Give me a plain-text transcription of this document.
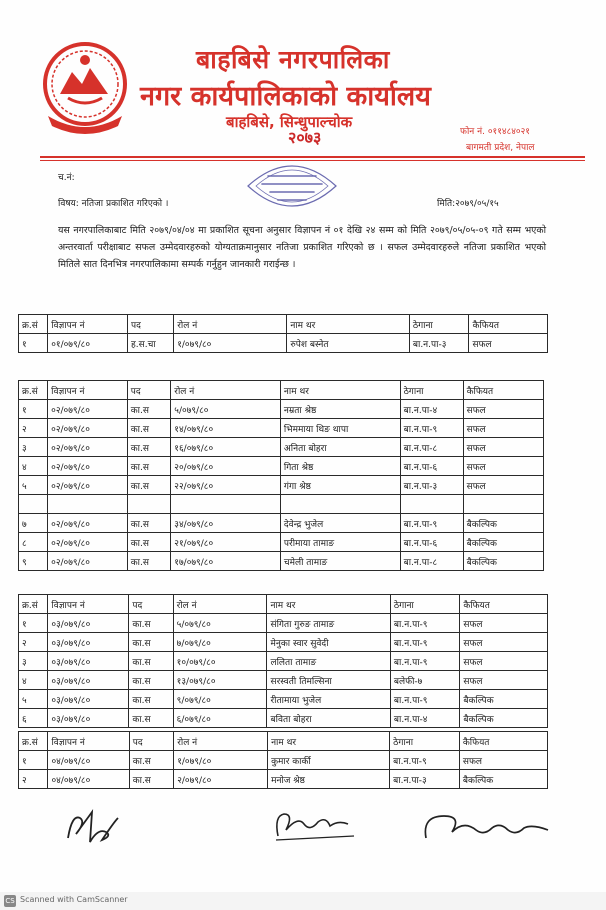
बाहबिसे नगरपालिका
नगर कार्यपालिकाको कार्यालय
बाहबिसे, सिन्धुपाल्चोक
२०७३	फोन नं. ०११४८४०२१
बागमती प्रदेश, नेपाल
च.नं:
विषय: नतिजा प्रकाशित गरिएको ।	मिति:२०७९/०५/१५
यस नगरपालिकाबाट मिति २०७९/०४/०४ मा प्रकाशित सूचना अनुसार विज्ञापन नं ०१ देखि २४ सम्म को मिति २०७९/०५/०५-०९ गते सम्म भएको अन्तरवार्ता परीक्षाबाट सफल उम्मेदवारहरुको योग्यताक्रमानुसार नतिजा प्रकाशित गरिएको छ । सफल उम्मेदवारहरुले नतिजा प्रकाशित भएको मितिले सात दिनभित्र नगरपालिकामा सम्पर्क गर्नुहुन जानकारी गराईन्छ ।
क्र.सं	विज्ञापन नं	पद	रोल नं	नाम थर	ठेगाना	कैफियत
१	०१/०७९/८०	ह.स.चा	१/०७९/८०	रुपेश बस्नेत	बा.न.पा-३	सफल
क्र.सं	विज्ञापन नं	पद	रोल नं	नाम थर	ठेगाना	कैफियत
१	०२/०७९/८०	का.स	५/०७९/८०	नम्रता श्रेष्ठ	बा.न.पा-४	सफल
२	०२/०७९/८०	का.स	१४/०७९/८०	भिममाया थिङ थापा	बा.न.पा-९	सफल
३	०२/०७९/८०	का.स	१६/०७९/८०	अनिता बोहरा	बा.न.पा-८	सफल
४	०२/०७९/८०	का.स	२०/०७९/८०	गिता श्रेष्ठ	बा.न.पा-६	सफल
५	०२/०७९/८०	का.स	२२/०७९/८०	गंगा श्रेष्ठ	बा.न.पा-३	सफल

७	०२/०७९/८०	का.स	३४/०७९/८०	देवेन्द्र भुजेल	बा.न.पा-९	बैकल्पिक
८	०२/०७९/८०	का.स	२१/०७९/८०	परीमाया तामाङ	बा.न.पा-६	बैकल्पिक
९	०२/०७९/८०	का.स	१७/०७९/८०	चमेली तामाङ	बा.न.पा-८	बैकल्पिक
क्र.सं	विज्ञापन नं	पद	रोल नं	नाम थर	ठेगाना	कैफियत
१	०३/०७९/८०	का.स	५/०७९/८०	संगिता गुरुङ तामाङ	बा.न.पा-९	सफल
२	०३/०७९/८०	का.स	७/०७९/८०	मेनुका स्वार सुवेदी	बा.न.पा-९	सफल
३	०३/०७९/८०	का.स	१०/०७९/८०	ललिता तामाङ	बा.न.पा-९	सफल
४	०३/०७९/८०	का.स	१३/०७९/८०	सरस्वती तिमल्सिना	बलेफी-७	सफल
५	०३/०७९/८०	का.स	९/०७९/८०	रीतामाया भुजेल	बा.न.पा-९	बैकल्पिक
६	०३/०७९/८०	का.स	६/०७९/८०	बविता बोहरा	बा.न.पा-४	बैकल्पिक
क्र.सं	विज्ञापन नं	पद	रोल नं	नाम थर	ठेगाना	कैफियत
१	०४/०७९/८०	का.स	१/०७९/८०	कुमार कार्की	बा.न.पा-९	सफल
२	०४/०७९/८०	का.स	२/०७९/८०	मनोज श्रेष्ठ	बा.न.पा-३	बैकल्पिक
CS Scanned with CamScanner
